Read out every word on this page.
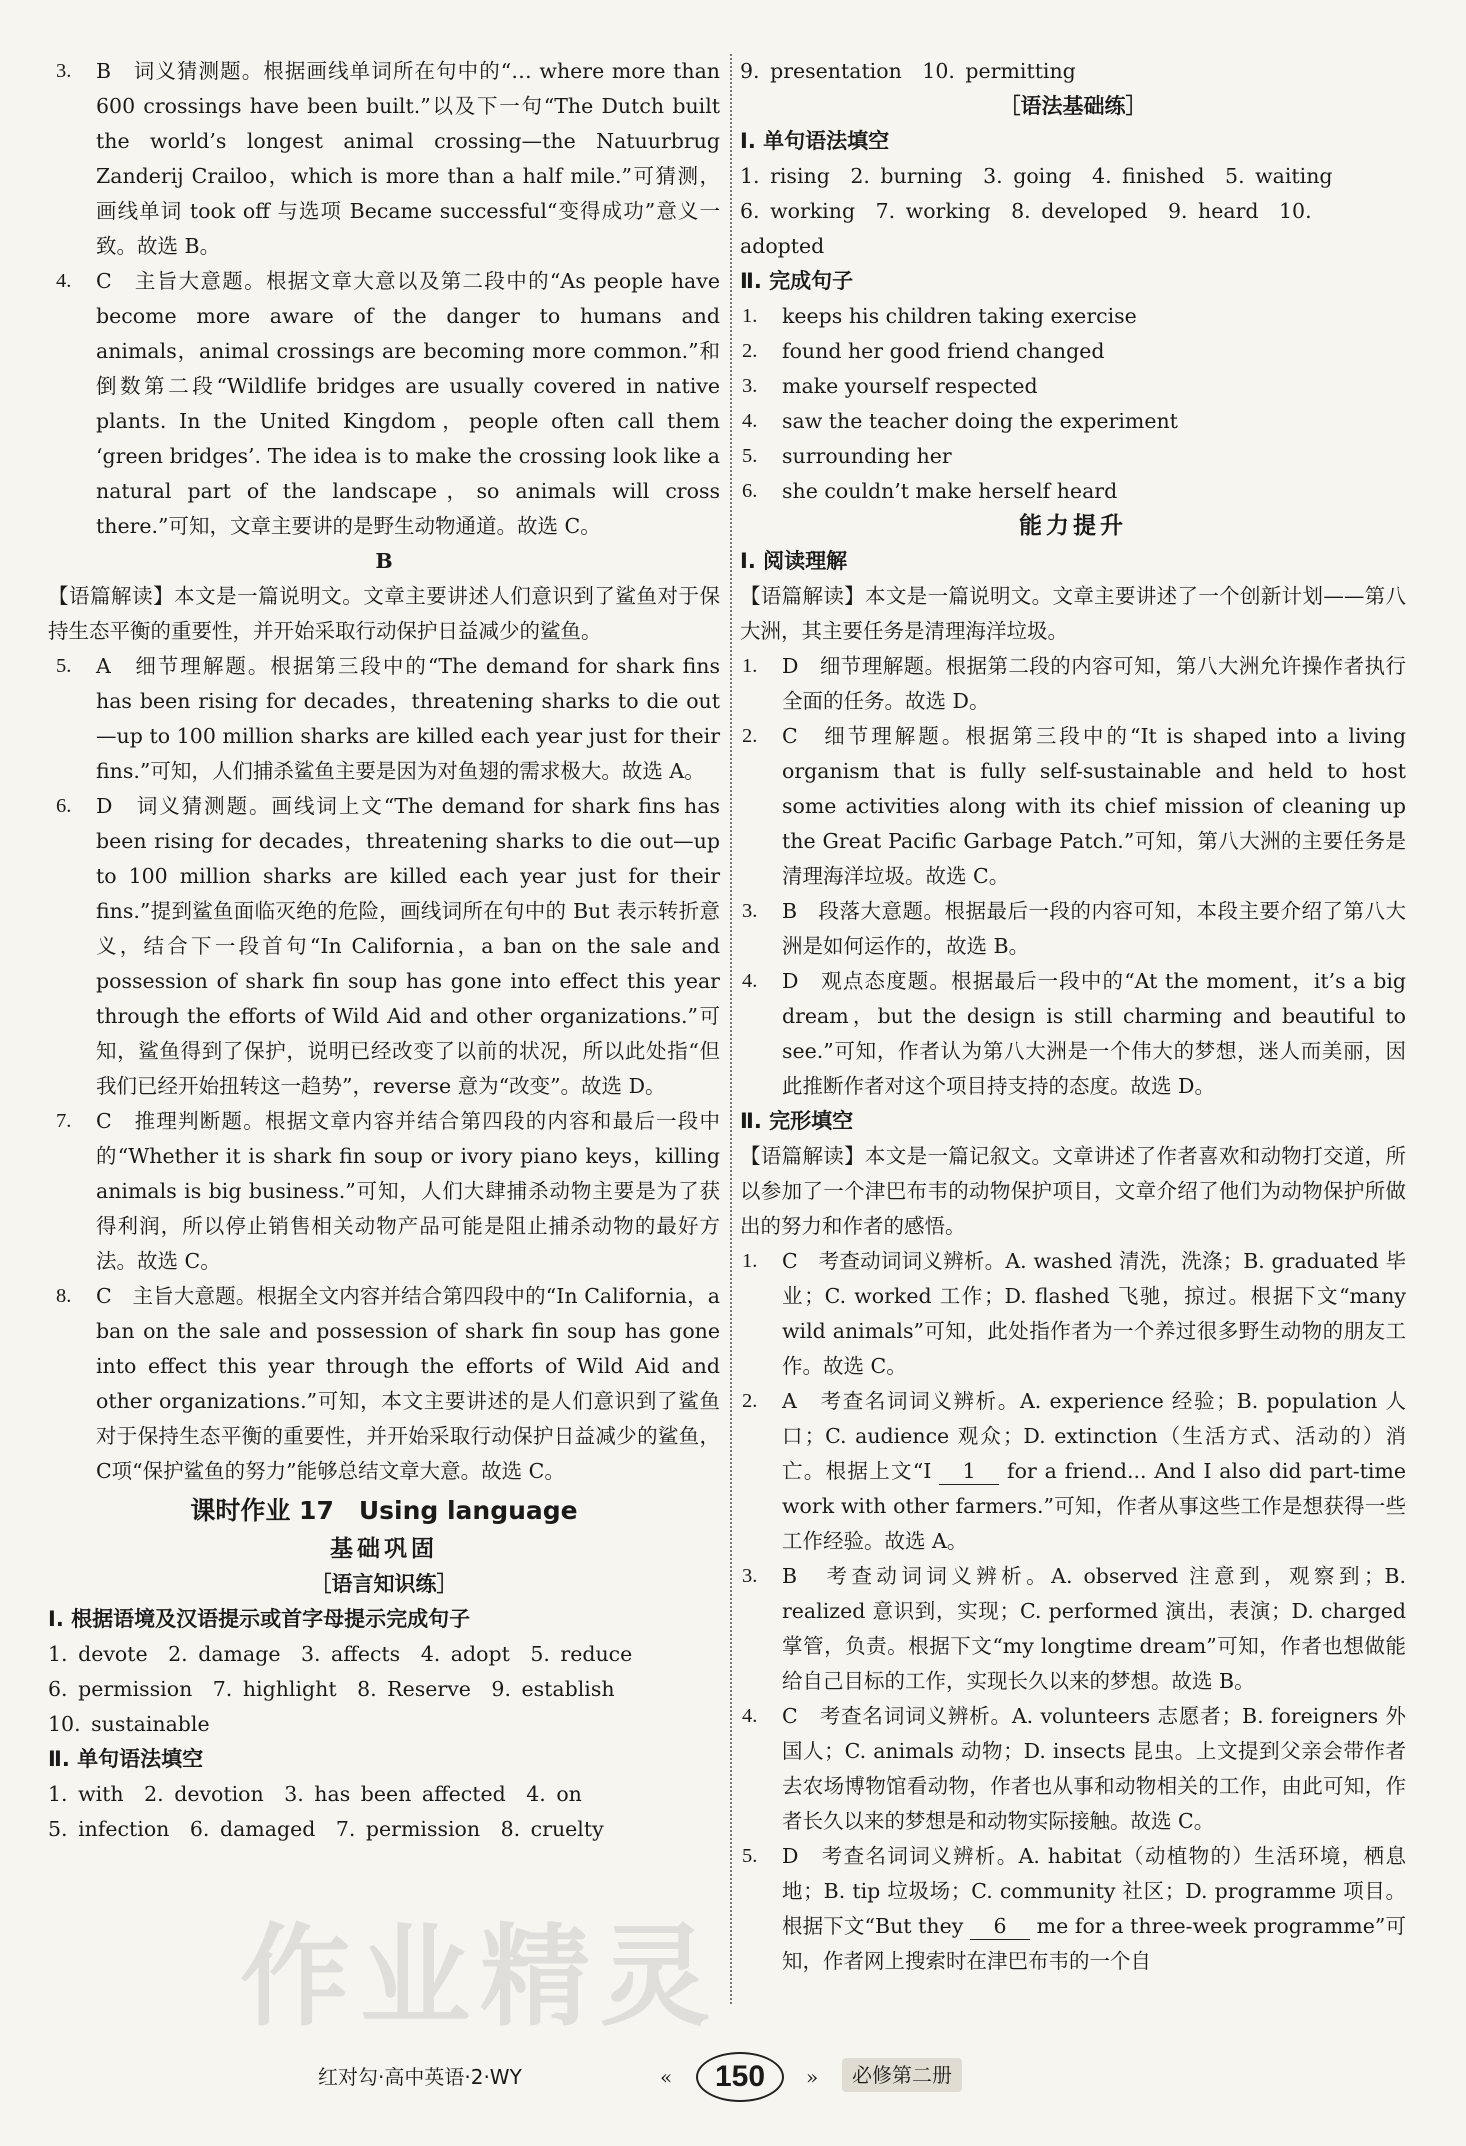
3. B　词义猜测题。根据画线单词所在句中的“… where more than 600 crossings have been built.”以及下一句“The Dutch built the world’s longest animal crossing—the Natuurbrug Zanderij Crailoo，which is more than a half mile.”可猜测，画线单词 took off 与选项 Became successful“变得成功”意义一致。故选 B。
4. C　主旨大意题。根据文章大意以及第二段中的“As people have become more aware of the danger to humans and animals，animal crossings are becoming more common.”和倒数第二段“Wildlife bridges are usually covered in native plants. In the United Kingdom，people often call them ‘green bridges’. The idea is to make the crossing look like a natural part of the landscape，so animals will cross there.”可知，文章主要讲的是野生动物通道。故选 C。

B

【语篇解读】本文是一篇说明文。文章主要讲述人们意识到了鲨鱼对于保持生态平衡的重要性，并开始采取行动保护日益减少的鲨鱼。

5. A　细节理解题。根据第三段中的“The demand for shark fins has been rising for decades，threatening sharks to die out—up to 100 million sharks are killed each year just for their fins.”可知，人们捕杀鲨鱼主要是因为对鱼翅的需求极大。故选 A。
6. D　词义猜测题。画线词上文“The demand for shark fins has been rising for decades，threatening sharks to die out—up to 100 million sharks are killed each year just for their fins.”提到鲨鱼面临灭绝的危险，画线词所在句中的 But 表示转折意义，结合下一段首句“In California，a ban on the sale and possession of shark fin soup has gone into effect this year through the efforts of Wild Aid and other organizations.”可知，鲨鱼得到了保护，说明已经改变了以前的状况，所以此处指“但我们已经开始扭转这一趋势”，reverse 意为“改变”。故选 D。
7. C　推理判断题。根据文章内容并结合第四段的内容和最后一段中的“Whether it is shark fin soup or ivory piano keys，killing animals is big business.”可知，人们大肆捕杀动物主要是为了获得利润，所以停止销售相关动物产品可能是阻止捕杀动物的最好方法。故选 C。
8. C　主旨大意题。根据全文内容并结合第四段中的“In California，a ban on the sale and possession of shark fin soup has gone into effect this year through the efforts of Wild Aid and other organizations.”可知，本文主要讲述的是人们意识到了鲨鱼对于保持生态平衡的重要性，并开始采取行动保护日益减少的鲨鱼，C项“保护鲨鱼的努力”能够总结文章大意。故选 C。

课时作业 17　Using language

基础巩固

［语言知识练］

Ⅰ. 根据语境及汉语提示或首字母提示完成句子

1. devote　2. damage　3. affects　4. adopt　5. reduce

6. permission　7. highlight　8. Reserve　9. establish

10. sustainable

Ⅱ. 单句语法填空

1. with　2. devotion　3. has been affected　4. on

5. infection　6. damaged　7. permission　8. cruelty

9. presentation　10. permitting

［语法基础练］

Ⅰ. 单句语法填空

1. rising　2. burning　3. going　4. finished　5. waiting

6. working　7. working　8. developed　9. heard　10. adopted

Ⅱ. 完成句子

1. keeps his children taking exercise
2. found her good friend changed
3. make yourself respected
4. saw the teacher doing the experiment
5. surrounding her
6. she couldn’t make herself heard

能力提升

Ⅰ. 阅读理解

【语篇解读】本文是一篇说明文。文章主要讲述了一个创新计划——第八大洲，其主要任务是清理海洋垃圾。

1. D　细节理解题。根据第二段的内容可知，第八大洲允许操作者执行全面的任务。故选 D。
2. C　细节理解题。根据第三段中的“It is shaped into a living organism that is fully self-sustainable and held to host some activities along with its chief mission of cleaning up the Great Pacific Garbage Patch.”可知，第八大洲的主要任务是清理海洋垃圾。故选 C。
3. B　段落大意题。根据最后一段的内容可知，本段主要介绍了第八大洲是如何运作的，故选 B。
4. D　观点态度题。根据最后一段中的“At the moment，it’s a big dream，but the design is still charming and beautiful to see.”可知，作者认为第八大洲是一个伟大的梦想，迷人而美丽，因此推断作者对这个项目持支持的态度。故选 D。

Ⅱ. 完形填空

【语篇解读】本文是一篇记叙文。文章讲述了作者喜欢和动物打交道，所以参加了一个津巴布韦的动物保护项目，文章介绍了他们为动物保护所做出的努力和作者的感悟。

1. C　考查动词词义辨析。A. washed 清洗，洗涤；B. graduated 毕业；C. worked 工作；D. flashed 飞驰，掠过。根据下文“many wild animals”可知，此处指作者为一个养过很多野生动物的朋友工作。故选 C。
2. A　考查名词词义辨析。A. experience 经验；B. population 人口；C. audience 观众；D. extinction（生活方式、活动的）消亡。根据上文“I 1 for a friend... And I also did part-time work with other farmers.”可知，作者从事这些工作是想获得一些工作经验。故选 A。
3. B　考查动词词义辨析。A. observed 注意到，观察到；B. realized 意识到，实现；C. performed 演出，表演；D. charged 掌管，负责。根据下文“my longtime dream”可知，作者也想做能给自己目标的工作，实现长久以来的梦想。故选 B。
4. C　考查名词词义辨析。A. volunteers 志愿者；B. foreigners 外国人；C. animals 动物；D. insects 昆虫。上文提到父亲会带作者去农场博物馆看动物，作者也从事和动物相关的工作，由此可知，作者长久以来的梦想是和动物实际接触。故选 C。
5. D　考查名词词义辨析。A. habitat（动植物的）生活环境，栖息地；B. tip 垃圾场；C. community 社区；D. programme 项目。根据下文“But they 6 me for a three-week programme”可知，作者网上搜索时在津巴布韦的一个自
作业精灵
红对勾·高中英语·2·WY	«	150	»	必修第二册
